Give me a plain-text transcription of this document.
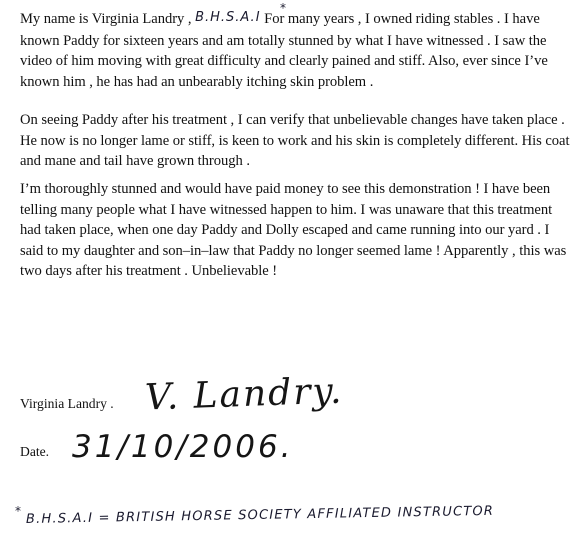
My name is Virginia Landry , B.H.S.A.I For many years , I owned riding stables . I have known Paddy for sixteen years and am totally stunned by what I have witnessed . I saw the video of him moving with great difficulty and clearly pained and stiff. Also, ever since I’ve known him , he has had an unbearably itching skin problem .

*

On seeing Paddy after his treatment , I can verify that unbelievable changes have taken place . He now is no longer lame or stiff, is keen to work and his skin is completely different. His coat and mane and tail have grown through .

I’m thoroughly stunned and would have paid money to see this demonstration ! I have been telling many people what I have witnessed happen to him. I was unaware that this treatment had taken place, when one day Paddy and Dolly escaped and came running into our yard . I said to my daughter and son–in–law that Paddy no longer seemed lame ! Apparently , this was two days after his treatment . Unbelievable !

Virginia Landry . V. Landry.
Date. 31/10/2006.
* B.H.S.A.I = BRITISH HORSE SOCIETY AFFILIATED INSTRUCTOR
